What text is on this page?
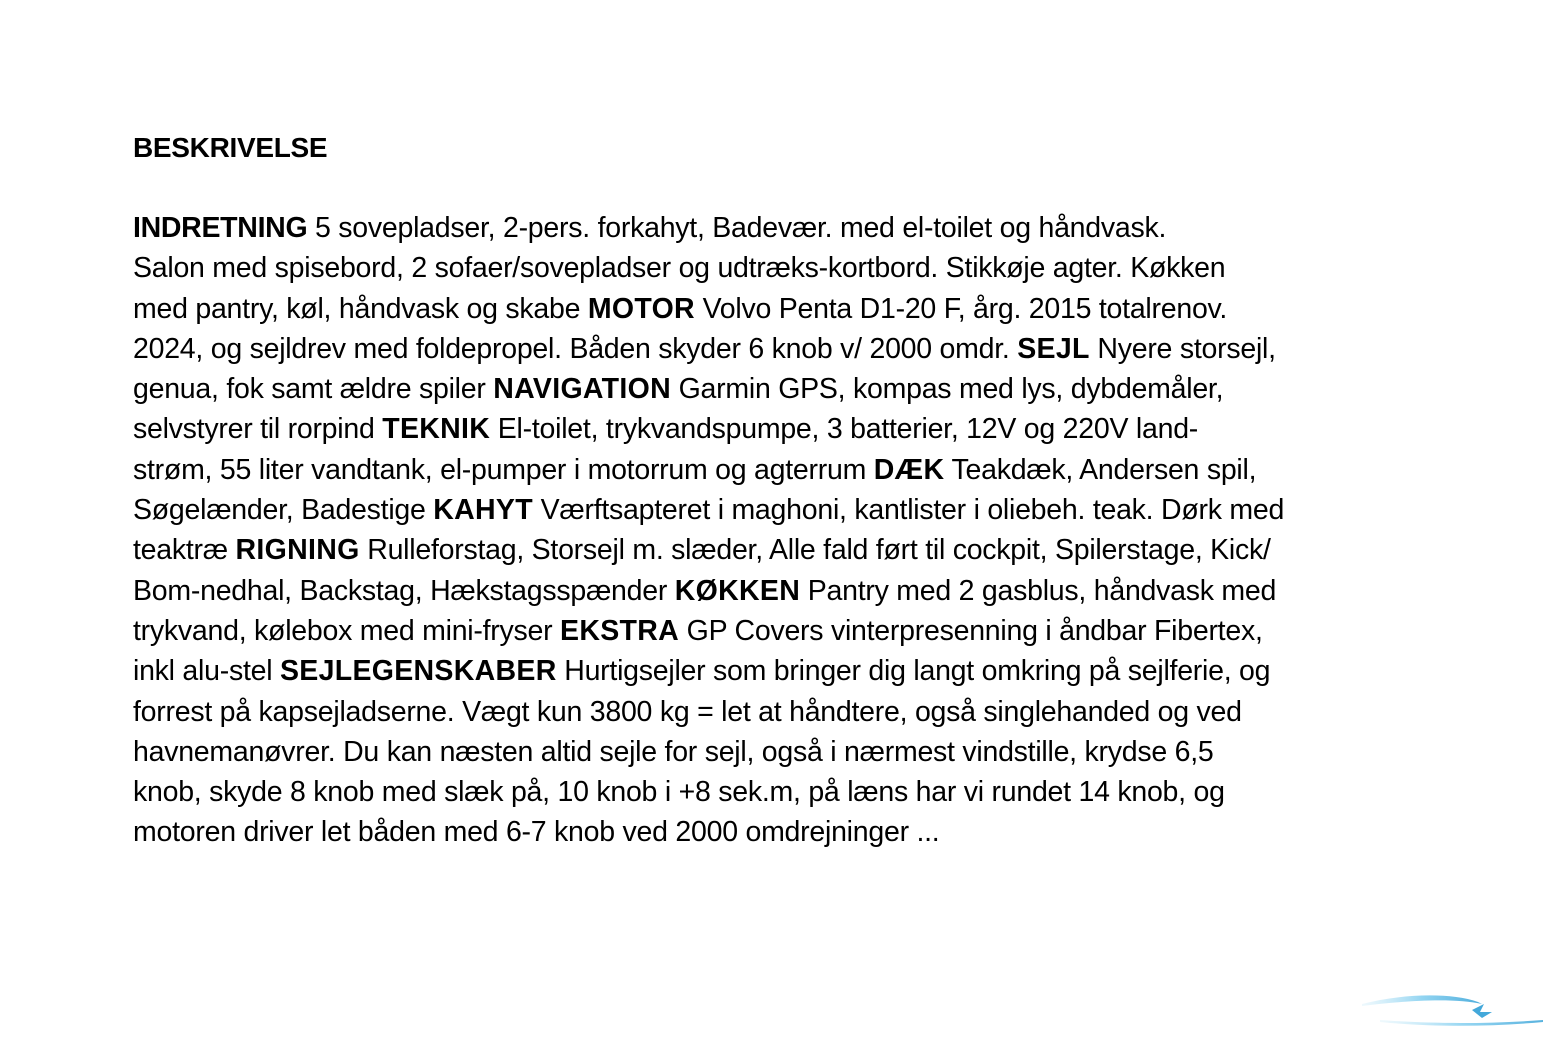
BESKRIVELSE

INDRETNING 5 sovepladser, 2-pers. forkahyt, Badevær. med el-toilet og håndvask.
Salon med spisebord, 2 sofaer/sovepladser og udtræks-kortbord. Stikkøje agter. Køkken
med pantry, køl, håndvask og skabe MOTOR Volvo Penta D1-20 F, årg. 2015 totalrenov.
2024, og sejldrev med foldepropel. Båden skyder 6 knob v/ 2000 omdr. SEJL Nyere storsejl,
genua, fok samt ældre spiler NAVIGATION Garmin GPS, kompas med lys, dybdemåler,
selvstyrer til rorpind TEKNIK El-toilet, trykvandspumpe, 3 batterier, 12V og 220V land-
strøm, 55 liter vandtank, el-pumper i motorrum og agterrum DÆK Teakdæk, Andersen spil,
Søgelænder, Badestige KAHYT Værftsapteret i maghoni, kantlister i oliebeh. teak. Dørk med
teaktræ RIGNING Rulleforstag, Storsejl m. slæder, Alle fald ført til cockpit, Spilerstage, Kick/
Bom-nedhal, Backstag, Hækstagsspænder KØKKEN Pantry med 2 gasblus, håndvask med
trykvand, kølebox med mini-fryser EKSTRA GP Covers vinterpresenning i åndbar Fibertex,
inkl alu-stel SEJLEGENSKABER Hurtigsejler som bringer dig langt omkring på sejlferie, og
forrest på kapsejladserne. Vægt kun 3800 kg = let at håndtere, også singlehanded og ved
havnemanøvrer. Du kan næsten altid sejle for sejl, også i nærmest vindstille, krydse 6,5
knob, skyde 8 knob med slæk på, 10 knob i +8 sek.m, på læns har vi rundet 14 knob, og
motoren driver let båden med 6-7 knob ved 2000 omdrejninger ...
